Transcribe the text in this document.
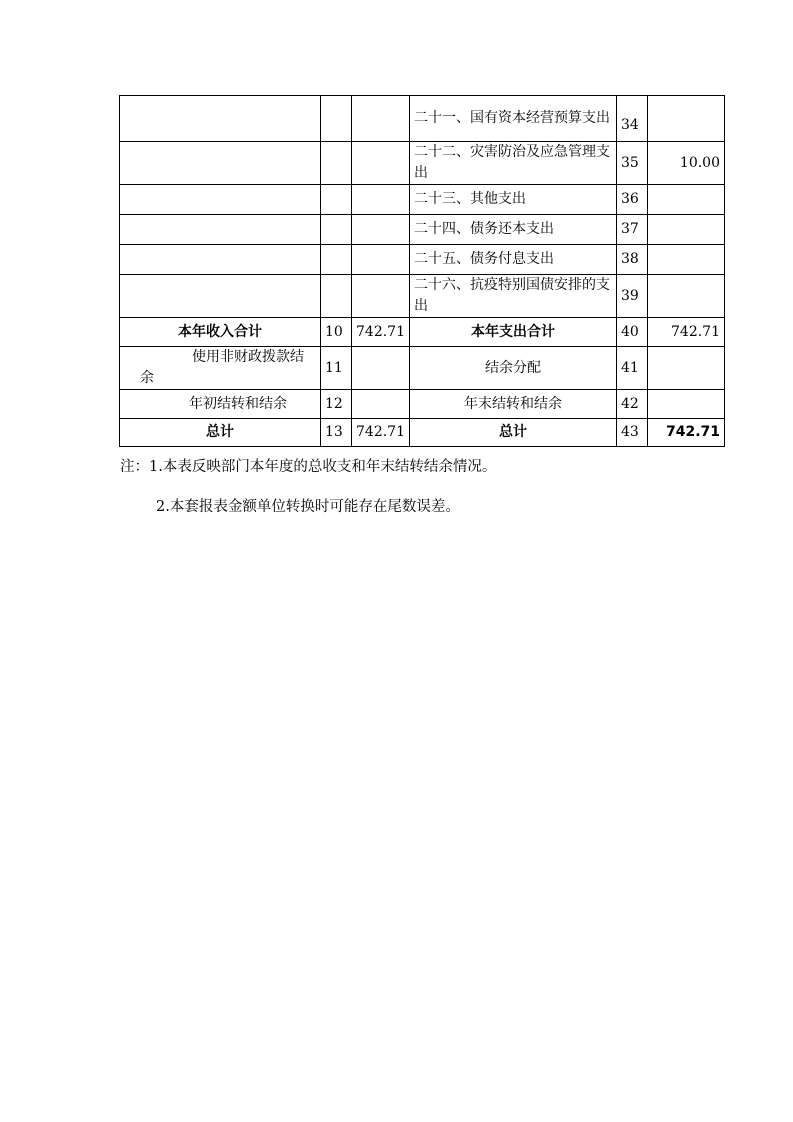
			二十一、国有资本经营预算支出	34	
			二十二、灾害防治及应急管理支出	35	10.00
			二十三、其他支出	36	
			二十四、债务还本支出	37	
			二十五、债务付息支出	38	
			二十六、抗疫特别国债安排的支出	39	
本年收入合计	10	742.71	本年支出合计	40	742.71
使用非财政拨款结余	11		结余分配	41	
年初结转和结余	12		年末结转和结余	42	
总计	13	742.71	总计	43	742.71
注：1.本表反映部门本年度的总收支和年末结转结余情况。
2.本套报表金额单位转换时可能存在尾数误差。
